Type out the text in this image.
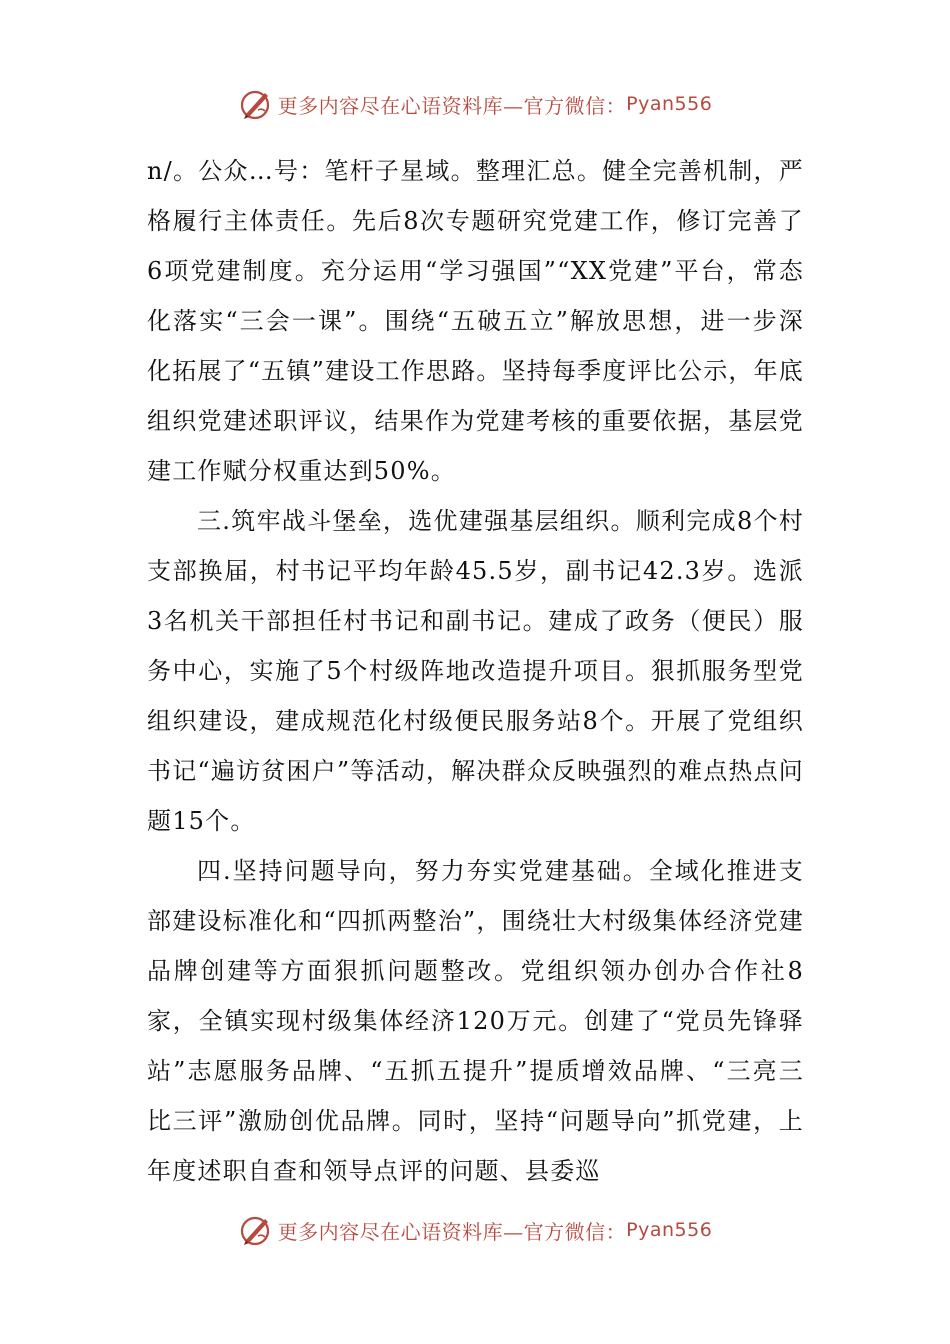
更多内容尽在心语资料库—官方微信： Pyan556

n/。公众…号：笔杆子星域。整理汇总。健全完善机制，严格履行主体责任。先后8次专题研究党建工作，修订完善了6项党建制度。充分运用“学习强国”“XX党建”平台，常态化落实“三会一课”。围绕“五破五立”解放思想，进一步深化拓展了“五镇”建设工作思路。坚持每季度评比公示，年底组织党建述职评议，结果作为党建考核的重要依据，基层党建工作赋分权重达到50%。

三.筑牢战斗堡垒，选优建强基层组织。顺利完成8个村支部换届，村书记平均年龄45.5岁，副书记42.3岁。选派3名机关干部担任村书记和副书记。建成了政务（便民）服务中心，实施了5个村级阵地改造提升项目。狠抓服务型党组织建设，建成规范化村级便民服务站8个。开展了党组织书记“遍访贫困户”等活动，解决群众反映强烈的难点热点问题15个。

四.坚持问题导向，努力夯实党建基础。全域化推进支部建设标准化和“四抓两整治”，围绕壮大村级集体经济党建品牌创建等方面狠抓问题整改。党组织领办创办合作社8家，全镇实现村级集体经济120万元。创建了“党员先锋驿站”志愿服务品牌、“五抓五提升”提质增效品牌、“三亮三比三评”激励创优品牌。同时，坚持“问题导向”抓党建，上年度述职自查和领导点评的问题、县委巡

更多内容尽在心语资料库—官方微信： Pyan556
